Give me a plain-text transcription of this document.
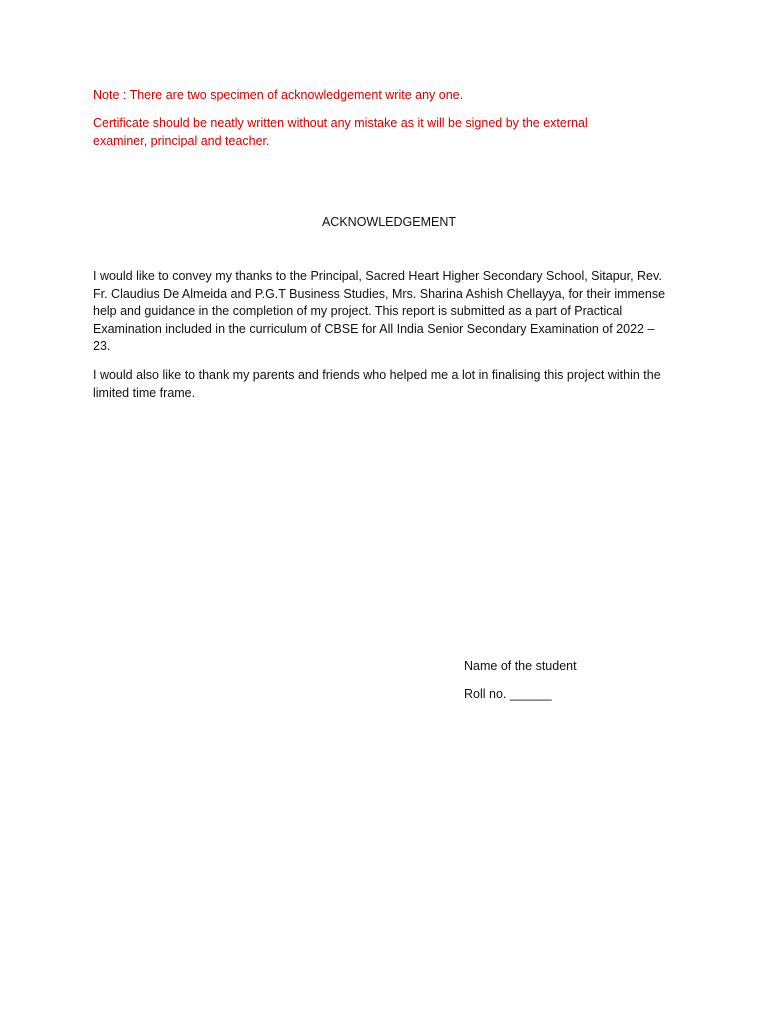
Note : There are two specimen of acknowledgement write any one.

Certificate should be neatly written without any mistake as it will be signed by the external examiner, principal and teacher.

ACKNOWLEDGEMENT

I would like to convey my thanks to the Principal, Sacred Heart Higher Secondary School, Sitapur, Rev. Fr. Claudius De Almeida and P.G.T Business Studies, Mrs. Sharina Ashish Chellayya, for their immense help and guidance in the completion of my project. This report is submitted as a part of Practical Examination included in the curriculum of CBSE for All India Senior Secondary Examination of 2022 – 23.

I would also like to thank my parents and friends who helped me a lot in finalising this project within the limited time frame.

Name of the student

Roll no. ______
